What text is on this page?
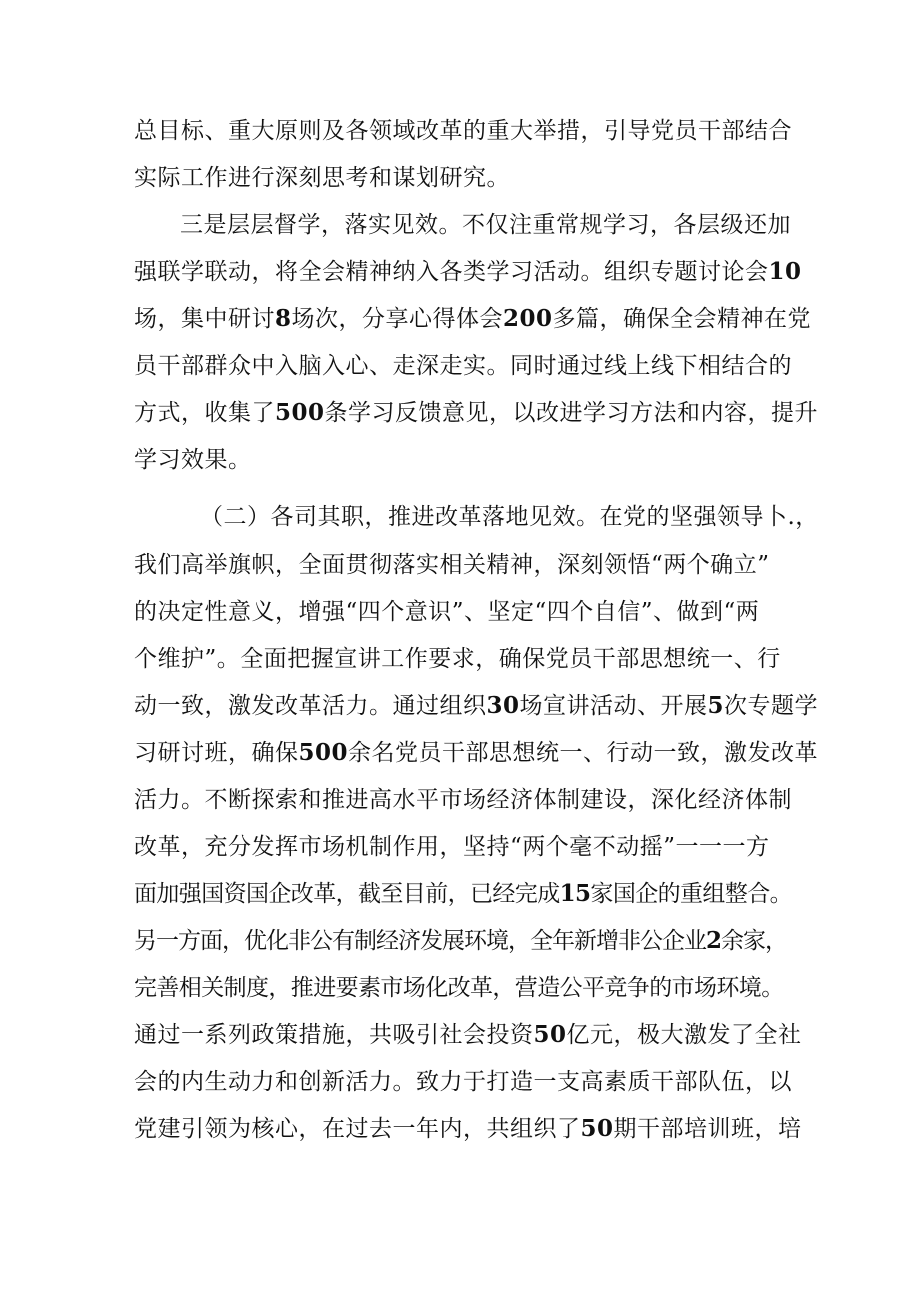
总目标、重大原则及各领域改革的重大举措，引导党员干部结合
实际工作进行深刻思考和谋划研究。
三是层层督学，落实见效。不仅注重常规学习，各层级还加
强联学联动，将全会精神纳入各类学习活动。组织专题讨论会10
场，集中研讨8场次，分享心得体会200多篇，确保全会精神在党
员干部群众中入脑入心、走深走实。同时通过线上线下相结合的
方式，收集了500条学习反馈意见，以改进学习方法和内容，提升
学习效果。
（二）各司其职，推进改革落地见效。在党的坚强领导卜.，
我们高举旗帜，全面贯彻落实相关精神，深刻领悟“两个确立”
的决定性意义，增强“四个意识”、坚定“四个自信”、做到“两
个维护”。全面把握宣讲工作要求，确保党员干部思想统一、行
动一致，激发改革活力。通过组织30场宣讲活动、开展5次专题学
习研讨班，确保500余名党员干部思想统一、行动一致，激发改革
活力。不断探索和推进高水平市场经济体制建设，深化经济体制
改革，充分发挥市场机制作用，坚持“两个毫不动摇”一一一方
面加强国资国企改革，截至目前，已经完成15家国企的重组整合。
另一方面，优化非公有制经济发展环境，全年新增非公企业2余家，
完善相关制度，推进要素市场化改革，营造公平竞争的市场环境。
通过一系列政策措施，共吸引社会投资50亿元，极大激发了全社
会的内生动力和创新活力。致力于打造一支高素质干部队伍，以
党建引领为核心，在过去一年内，共组织了50期干部培训班，培
